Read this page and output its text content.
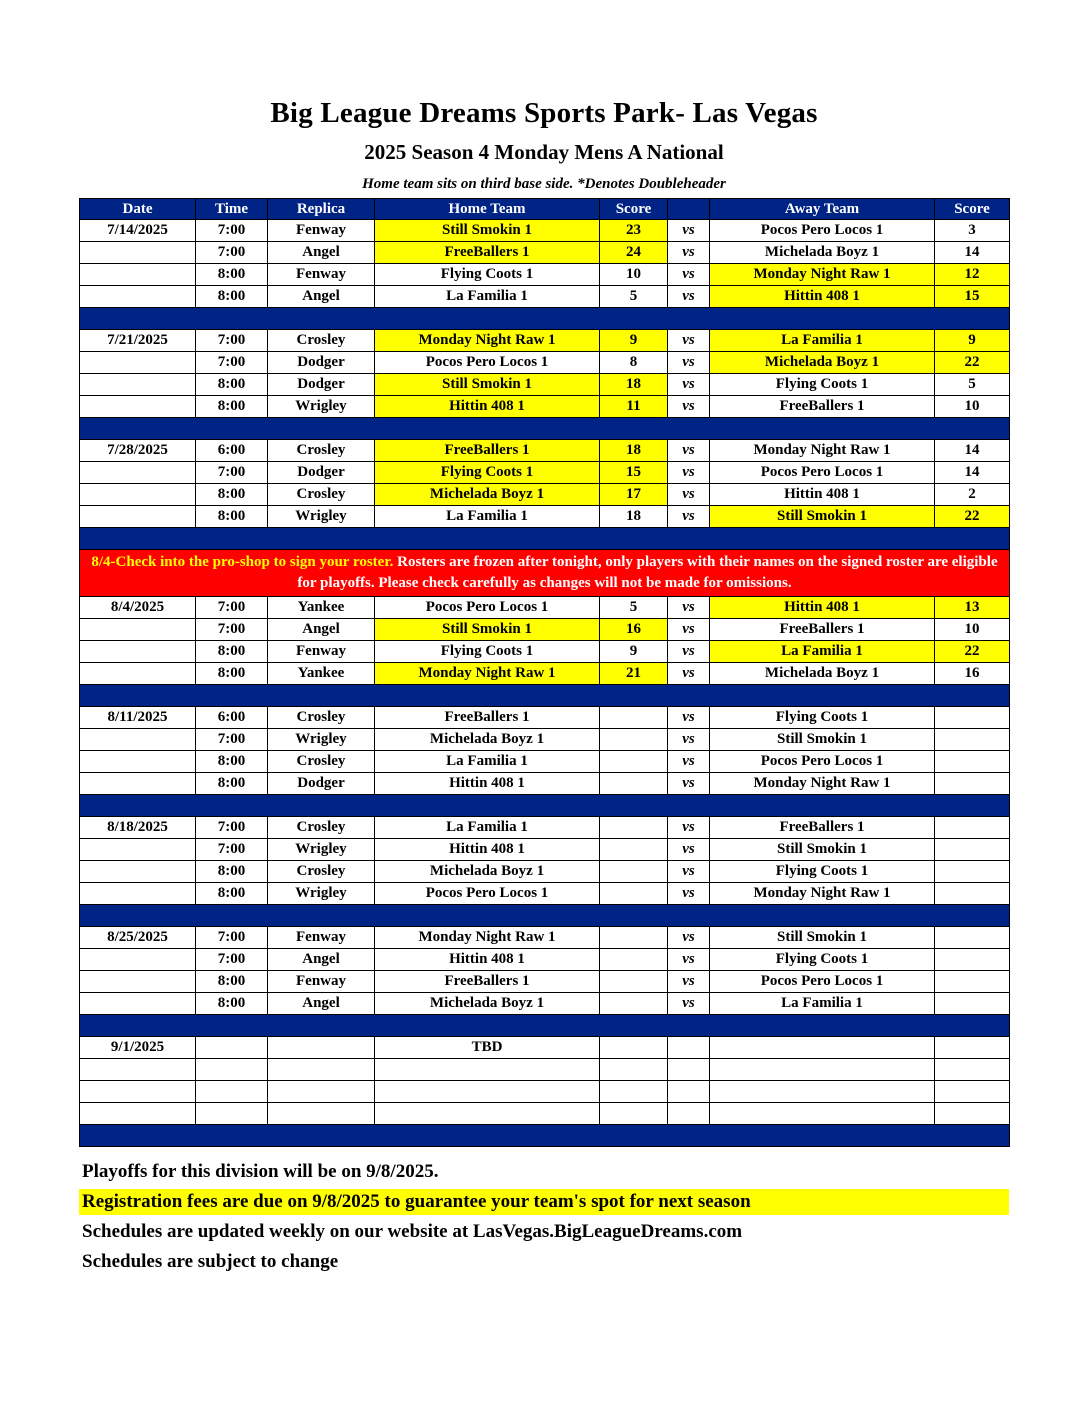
Big League Dreams Sports Park- Las Vegas
2025 Season 4 Monday Mens A National
Home team sits on third base side. *Denotes Doubleheader
Date	Time	Replica	Home Team	Score		Away Team	Score
7/14/2025	7:00	Fenway	Still Smokin 1	23	vs	Pocos Pero Locos 1	3
	7:00	Angel	FreeBallers 1	24	vs	Michelada Boyz 1	14
	8:00	Fenway	Flying Coots 1	10	vs	Monday Night Raw 1	12
	8:00	Angel	La Familia 1	5	vs	Hittin 408 1	15

7/21/2025	7:00	Crosley	Monday Night Raw 1	9	vs	La Familia 1	9
	7:00	Dodger	Pocos Pero Locos 1	8	vs	Michelada Boyz 1	22
	8:00	Dodger	Still Smokin 1	18	vs	Flying Coots 1	5
	8:00	Wrigley	Hittin 408 1	11	vs	FreeBallers 1	10

7/28/2025	6:00	Crosley	FreeBallers 1	18	vs	Monday Night Raw 1	14
	7:00	Dodger	Flying Coots 1	15	vs	Pocos Pero Locos 1	14
	8:00	Crosley	Michelada Boyz 1	17	vs	Hittin 408 1	2
	8:00	Wrigley	La Familia 1	18	vs	Still Smokin 1	22

8/4-Check into the pro-shop to sign your roster. Rosters are frozen after tonight, only players with their names on the signed roster are eligible for playoffs. Please check carefully as changes will not be made for omissions.							
8/4/2025	7:00	Yankee	Pocos Pero Locos 1	5	vs	Hittin 408 1	13
	7:00	Angel	Still Smokin 1	16	vs	FreeBallers 1	10
	8:00	Fenway	Flying Coots 1	9	vs	La Familia 1	22
	8:00	Yankee	Monday Night Raw 1	21	vs	Michelada Boyz 1	16

8/11/2025	6:00	Crosley	FreeBallers 1		vs	Flying Coots 1	
	7:00	Wrigley	Michelada Boyz 1		vs	Still Smokin 1	
	8:00	Crosley	La Familia 1		vs	Pocos Pero Locos 1	
	8:00	Dodger	Hittin 408 1		vs	Monday Night Raw 1	

8/18/2025	7:00	Crosley	La Familia 1		vs	FreeBallers 1	
	7:00	Wrigley	Hittin 408 1		vs	Still Smokin 1	
	8:00	Crosley	Michelada Boyz 1		vs	Flying Coots 1	
	8:00	Wrigley	Pocos Pero Locos 1		vs	Monday Night Raw 1	

8/25/2025	7:00	Fenway	Monday Night Raw 1		vs	Still Smokin 1	
	7:00	Angel	Hittin 408 1		vs	Flying Coots 1	
	8:00	Fenway	FreeBallers 1		vs	Pocos Pero Locos 1	
	8:00	Angel	Michelada Boyz 1		vs	La Familia 1	

9/1/2025			TBD				

Playoffs for this division will be on 9/8/2025.
Registration fees are due on 9/8/2025 to guarantee your team's spot for next season
Schedules are updated weekly on our website at LasVegas.BigLeagueDreams.com
Schedules are subject to change
